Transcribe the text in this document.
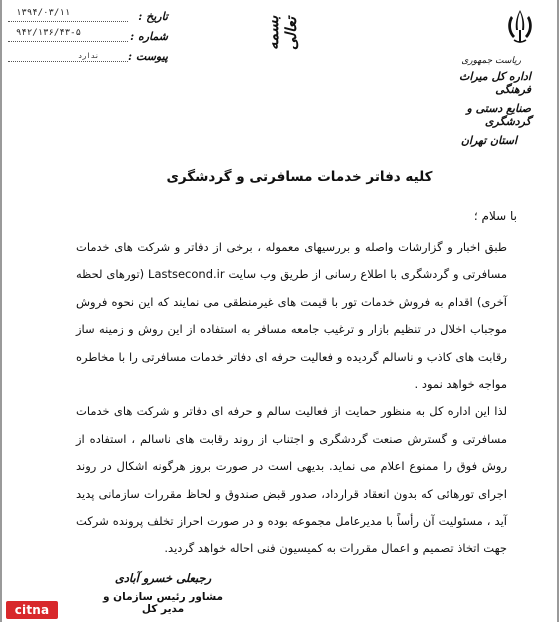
تاریخ :
۱۳۹۴/۰۳/۱۱
شماره :
۹۴۲/۱۳۶/۴۳-۵
پیوست :
ندارد
بسمه تعالی
ریاست جمهوری
اداره کل میراث فرهنگی
صنایع دستی و گردشگری
استان تهران
کلیه دفاتر خدمات مسافرتی و گردشگری
با سلام ؛

طبق اخبار و گزارشات واصله و بررسیهای معموله ، برخی از دفاتر و شرکت های خدمات مسافرتی و گردشگری با اطلاع رسانی از طریق وب سایت Lastsecond.ir (تورهای لحظه آخری) اقدام به فروش خدمات تور با قیمت های غیرمنطقی می نمایند که این نحوه فروش موجباب اخلال در تنظیم بازار و ترغیب جامعه مسافر به استفاده از این روش و زمینه ساز رقابت های کاذب و ناسالم گردیده و فعالیت حرفه ای دفاتر خدمات مسافرتی را با مخاطره مواجه خواهد نمود .

لذا این اداره کل به منظور حمایت از فعالیت سالم و حرفه ای دفاتر و شرکت های خدمات مسافرتی و گسترش صنعت گردشگری و اجتناب از روند رقابت های ناسالم ، استفاده از روش فوق را ممنوع اعلام می نماید. بدیهی است در صورت بروز هرگونه اشکال در روند اجرای تورهائی که بدون انعقاد قرارداد، صدور قبض صندوق و لحاظ مقررات سازمانی پدید آید ، مسئولیت آن رأساً با مدیرعامل مجموعه بوده و در صورت احراز تخلف پرونده شرکت جهت اتخاذ تصمیم و اعمال مقررات به کمیسیون فنی احاله خواهد گردید.

رجبعلی خسرو آبادی
مشاور رئیس سازمان و مدیر کل
citna
